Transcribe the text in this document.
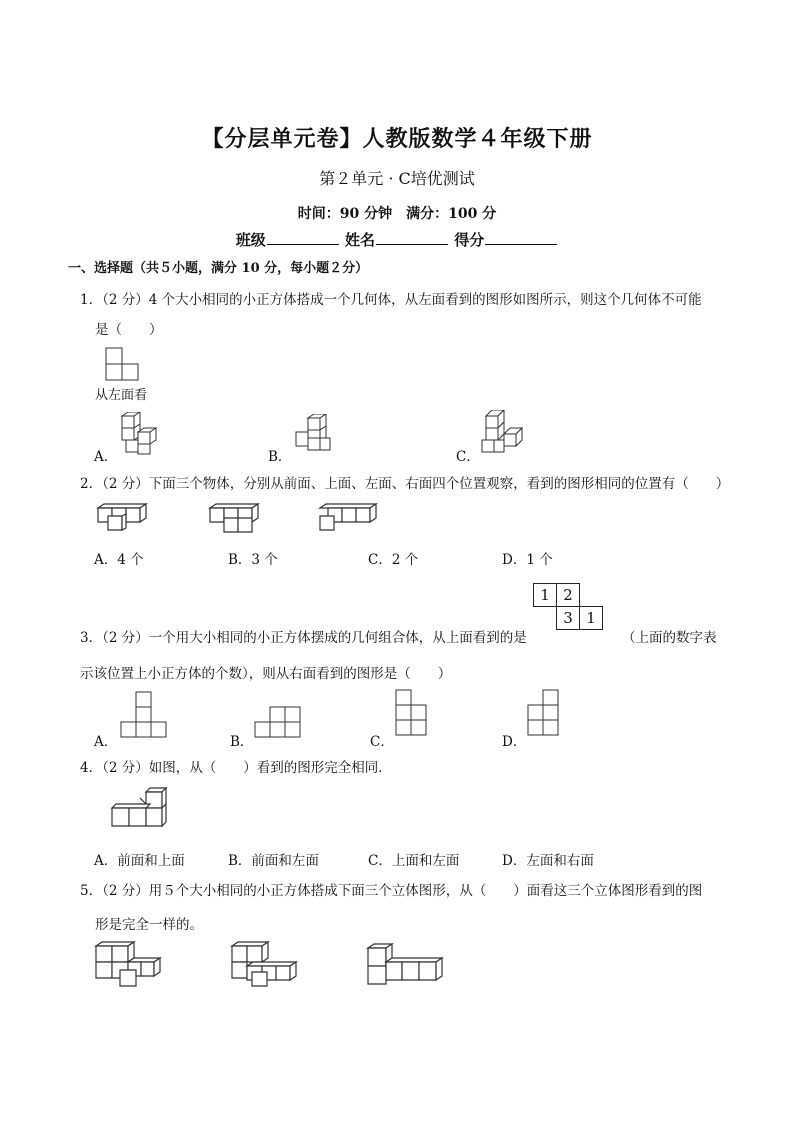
【分层单元卷】人教版数学４年级下册
第２单元 · C培优测试
时间：90 分钟　满分：100 分
班级	姓名	得分
一、选择题（共５小题，满分 10 分，每小题２分）
1．（2 分）4 个大小相同的小正方体搭成一个几何体，从左面看到的图形如图所示，则这个几何体不可能
是（　　）
从左面看
A．	B．	C．
2．（2 分）下面三个物体，分别从前面、上面、左面、右面四个位置观察，看到的图形相同的位置有（　　）
A．4 个	B．3 个	C．2 个	D．1 个
1	2	
	3	1
3．（2 分）一个用大小相同的小正方体摆成的几何组合体，从上面看到的是	（上面的数字表
示该位置上小正方体的个数），则从右面看到的图形是（　　）
A．	B．	C．	D．
4．（2 分）如图，从（　　）看到的图形完全相同．
A．前面和上面	B．前面和左面	C．上面和左面	D．左面和右面
5．（2 分）用５个大小相同的小正方体搭成下面三个立体图形，从（　　）面看这三个立体图形看到的图
形是完全一样的。
